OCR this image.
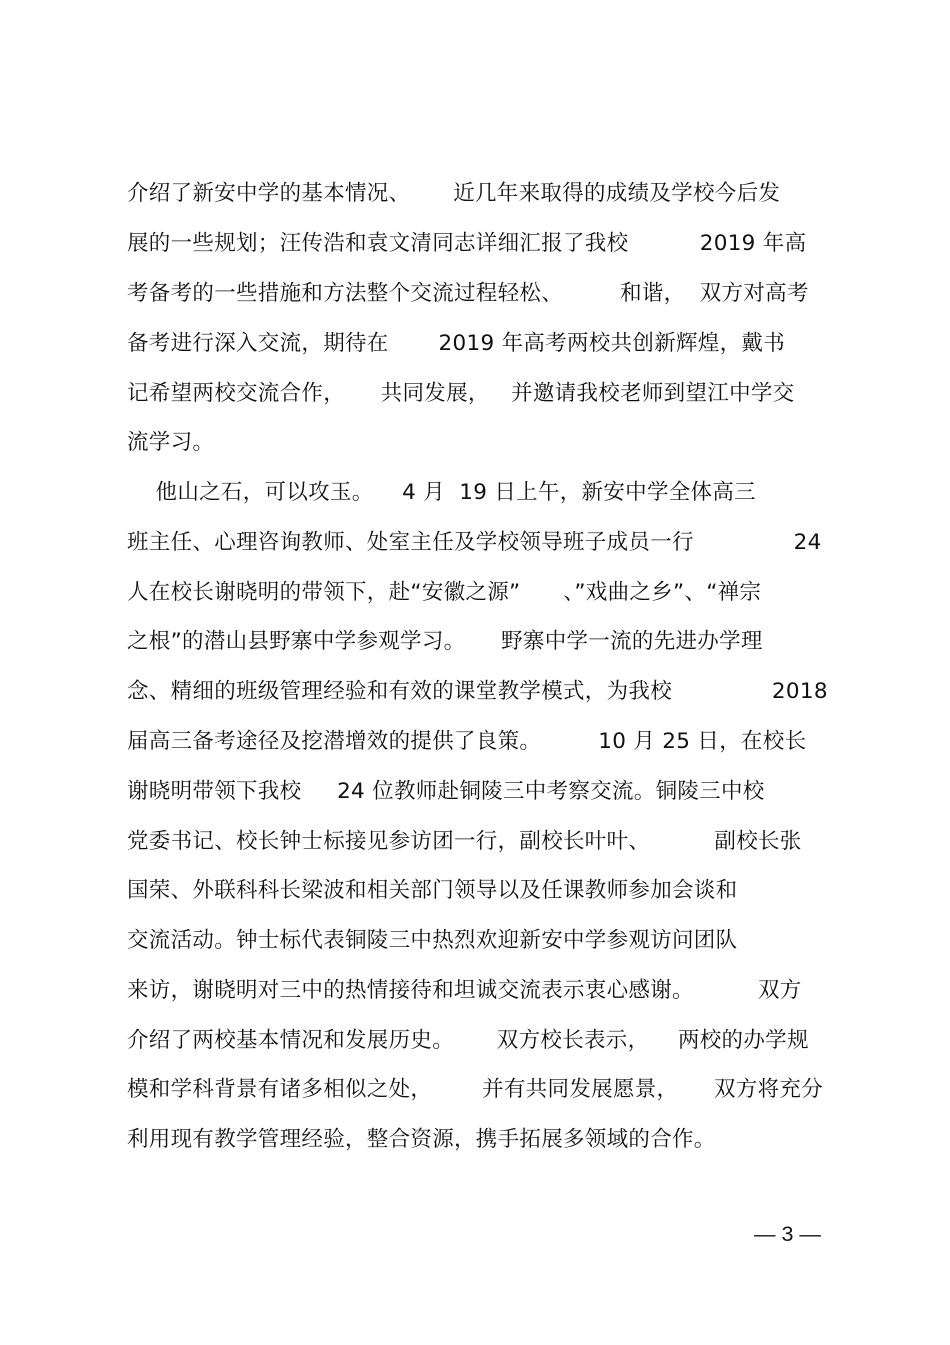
介绍了新安中学的基本情况、      近几年来取得的成绩及学校今后发
展的一些规划；汪传浩和袁文清同志详细汇报了我校          2019 年高
考备考的一些措施和方法整个交流过程轻松、        和谐，  双方对高考
备考进行深入交流，期待在       2019 年高考两校共创新辉煌，戴书
记希望两校交流合作，     共同发展，   并邀请我校老师到望江中学交
流学习。
他山之石，可以攻玉。    4 月  19 日上午，新安中学全体高三
班主任、心理咨询教师、处室主任及学校领导班子成员一行              24
人在校长谢晓明的带领下，赴“安徽之源”      、”戏曲之乡”、“禅宗
之根”的潜山县野寨中学参观学习。     野寨中学一流的先进办学理
念、精细的班级管理经验和有效的课堂教学模式，为我校              2018
届高三备考途径及挖潜增效的提供了良策。        10 月 25 日，在校长
谢晓明带领下我校     24 位教师赴铜陵三中考察交流。铜陵三中校
党委书记、校长钟士标接见参访团一行，副校长叶叶、         副校长张
国荣、外联科科长梁波和相关部门领导以及任课教师参加会谈和
交流活动。钟士标代表铜陵三中热烈欢迎新安中学参观访问团队
来访，谢晓明对三中的热情接待和坦诚交流表示衷心感谢。         双方
介绍了两校基本情况和发展历史。      双方校长表示，    两校的办学规
模和学科背景有诸多相似之处，       并有共同发展愿景，     双方将充分
利用现有教学管理经验，整合资源，携手拓展多领域的合作。
— 3 —
